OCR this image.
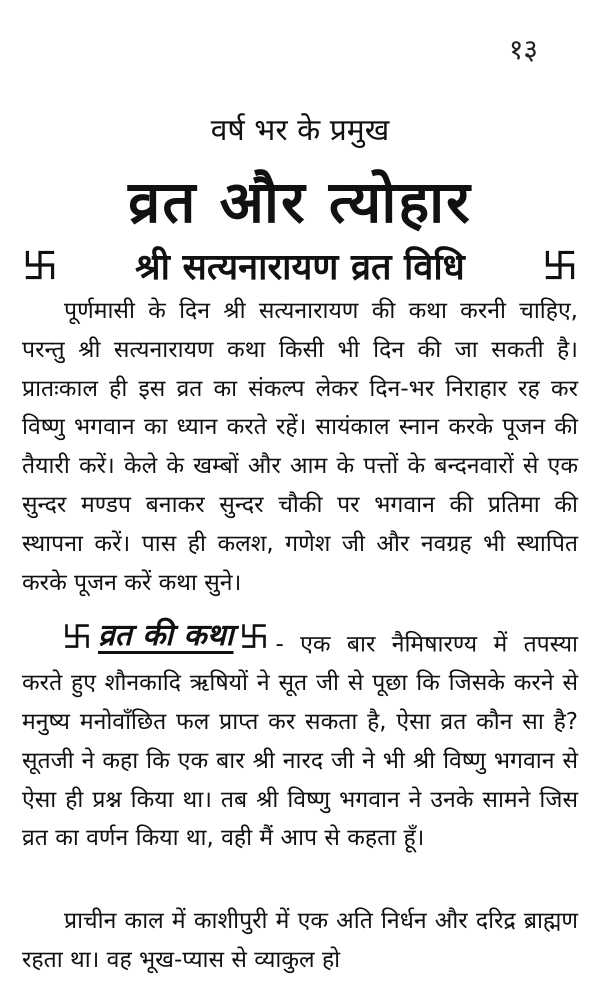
१३
वर्ष भर के प्रमुख
व्रत और त्योहार
श्री सत्यनारायण व्रत विधि
पूर्णमासी के दिन श्री सत्यनारायण की कथा करनी चाहिए, परन्तु श्री सत्यनारायण कथा किसी भी दिन की जा सकती है। प्रातःकाल ही इस व्रत का संकल्प लेकर दिन-भर निराहार रह कर विष्णु भगवान का ध्यान करते रहें। सायंकाल स्नान करके पूजन की तैयारी करें। केले के खम्बों और आम के पत्तों के बन्दनवारों से एक सुन्दर मण्डप बनाकर सुन्दर चौकी पर भगवान की प्रतिमा की स्थापना करें। पास ही कलश, गणेश जी और नवग्रह भी स्थापित करके पूजन करें कथा सुने।
व्रत की कथा - एक बार नैमिषारण्य में तपस्या करते हुए शौनकादि ऋषियों ने सूत जी से पूछा कि जिसके करने से मनुष्य मनोवाँछित फल प्राप्त कर सकता है, ऐसा व्रत कौन सा है? सूतजी ने कहा कि एक बार श्री नारद जी ने भी श्री विष्णु भगवान से ऐसा ही प्रश्न किया था। तब श्री विष्णु भगवान ने उनके सामने जिस व्रत का वर्णन किया था, वही मैं आप से कहता हूँ।
प्राचीन काल में काशीपुरी में एक अति निर्धन और दरिद्र ब्राह्मण रहता था। वह भूख-प्यास से व्याकुल हो
